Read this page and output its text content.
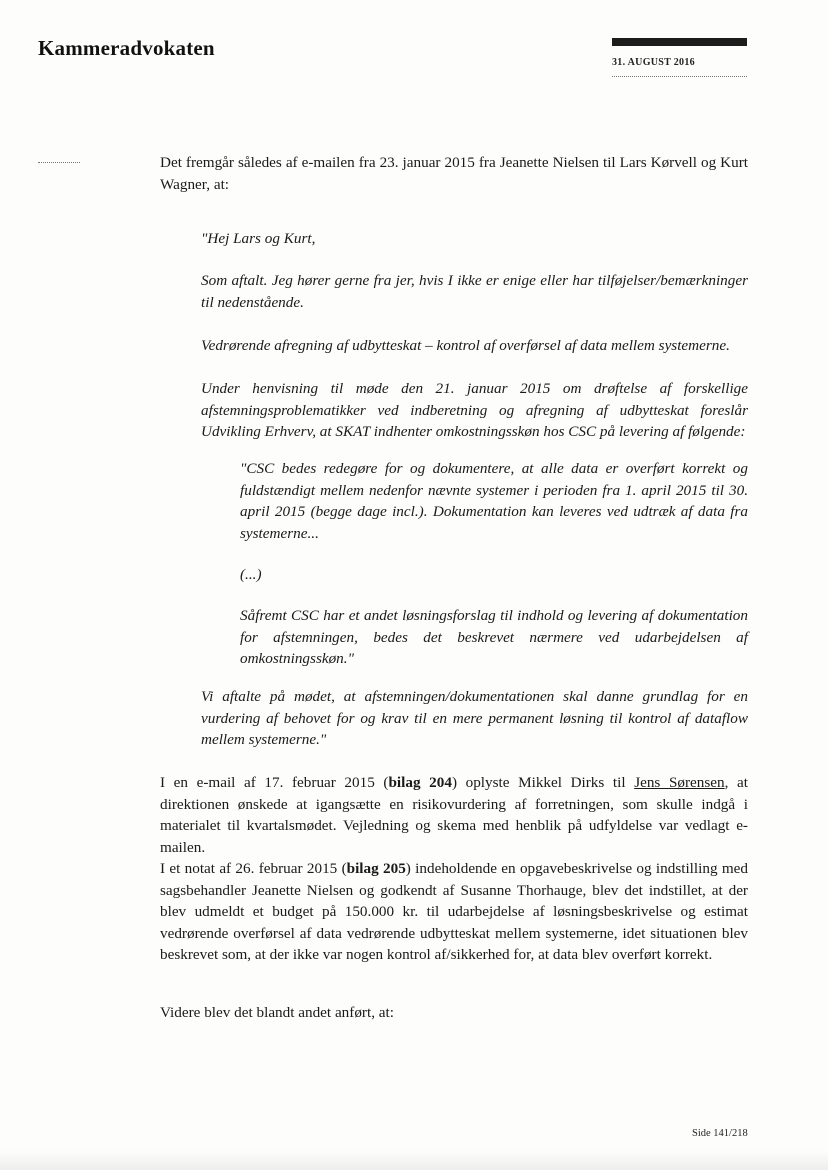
Kammeradvokaten
31. AUGUST 2016

Det fremgår således af e-mailen fra 23. januar 2015 fra Jeanette Nielsen til Lars Kørvell og Kurt Wagner, at:

"Hej Lars og Kurt,

Som aftalt. Jeg hører gerne fra jer, hvis I ikke er enige eller har tilføjelser/bemærkninger til nedenstående.

Vedrørende afregning af udbytteskat – kontrol af overførsel af data mellem systemerne.

Under henvisning til møde den 21. januar 2015 om drøftelse af forskellige afstemningsproblematikker ved indberetning og afregning af udbytteskat foreslår Udvikling Erhverv, at SKAT indhenter omkostningsskøn hos CSC på levering af følgende:

"CSC bedes redegøre for og dokumentere, at alle data er overført korrekt og fuldstændigt mellem nedenfor nævnte systemer i perioden fra 1. april 2015 til 30. april 2015 (begge dage incl.). Dokumentation kan leveres ved udtræk af data fra systemerne...

(...)

Såfremt CSC har et andet løsningsforslag til indhold og levering af dokumentation for afstemningen, bedes det beskrevet nærmere ved udarbejdelsen af omkostningsskøn."

Vi aftalte på mødet, at afstemningen/dokumentationen skal danne grundlag for en vurdering af behovet for og krav til en mere permanent løsning til kontrol af dataflow mellem systemerne."

I en e-mail af 17. februar 2015 (bilag 204) oplyste Mikkel Dirks til Jens Sørensen, at direktionen ønskede at igangsætte en risikovurdering af forretningen, som skulle indgå i materialet til kvartalsmødet. Vejledning og skema med henblik på udfyldelse var vedlagt e-mailen.

I et notat af 26. februar 2015 (bilag 205) indeholdende en opgavebeskrivelse og indstilling med sagsbehandler Jeanette Nielsen og godkendt af Susanne Thorhauge, blev det indstillet, at der blev udmeldt et budget på 150.000 kr. til udarbejdelse af løsningsbeskrivelse og estimat vedrørende overførsel af data vedrørende udbytteskat mellem systemerne, idet situationen blev beskrevet som, at der ikke var nogen kontrol af/sikkerhed for, at data blev overført korrekt.

Videre blev det blandt andet anført, at:

Side 141/218
